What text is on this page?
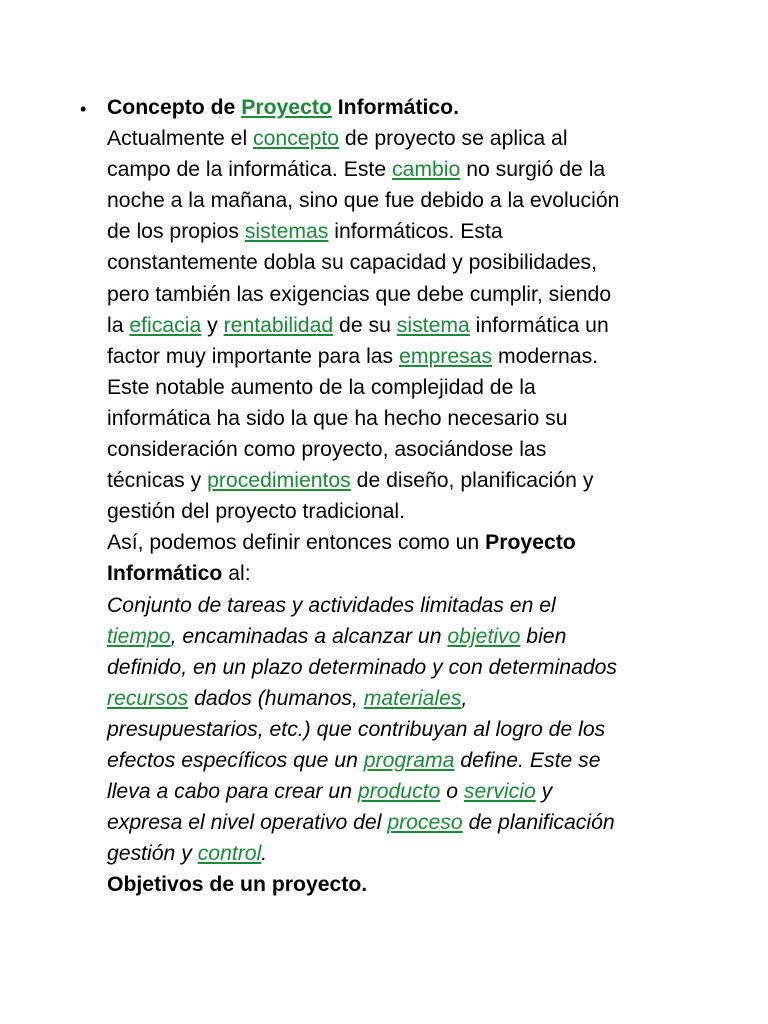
• Concepto de Proyecto Informático.
Actualmente el concepto de proyecto se aplica al
campo de la informática. Este cambio no surgió de la
noche a la mañana, sino que fue debido a la evolución
de los propios sistemas informáticos. Esta
constantemente dobla su capacidad y posibilidades,
pero también las exigencias que debe cumplir, siendo
la eficacia y rentabilidad de su sistema informática un
factor muy importante para las empresas modernas.
Este notable aumento de la complejidad de la
informática ha sido la que ha hecho necesario su
consideración como proyecto, asociándose las
técnicas y procedimientos de diseño, planificación y
gestión del proyecto tradicional.
Así, podemos definir entonces como un Proyecto
Informático al:
Conjunto de tareas y actividades limitadas en el
tiempo, encaminadas a alcanzar un objetivo bien
definido, en un plazo determinado y con determinados
recursos dados (humanos, materiales,
presupuestarios, etc.) que contribuyan al logro de los
efectos específicos que un programa define. Este se
lleva a cabo para crear un producto o servicio y
expresa el nivel operativo del proceso de planificación
gestión y control.
Objetivos de un proyecto.
